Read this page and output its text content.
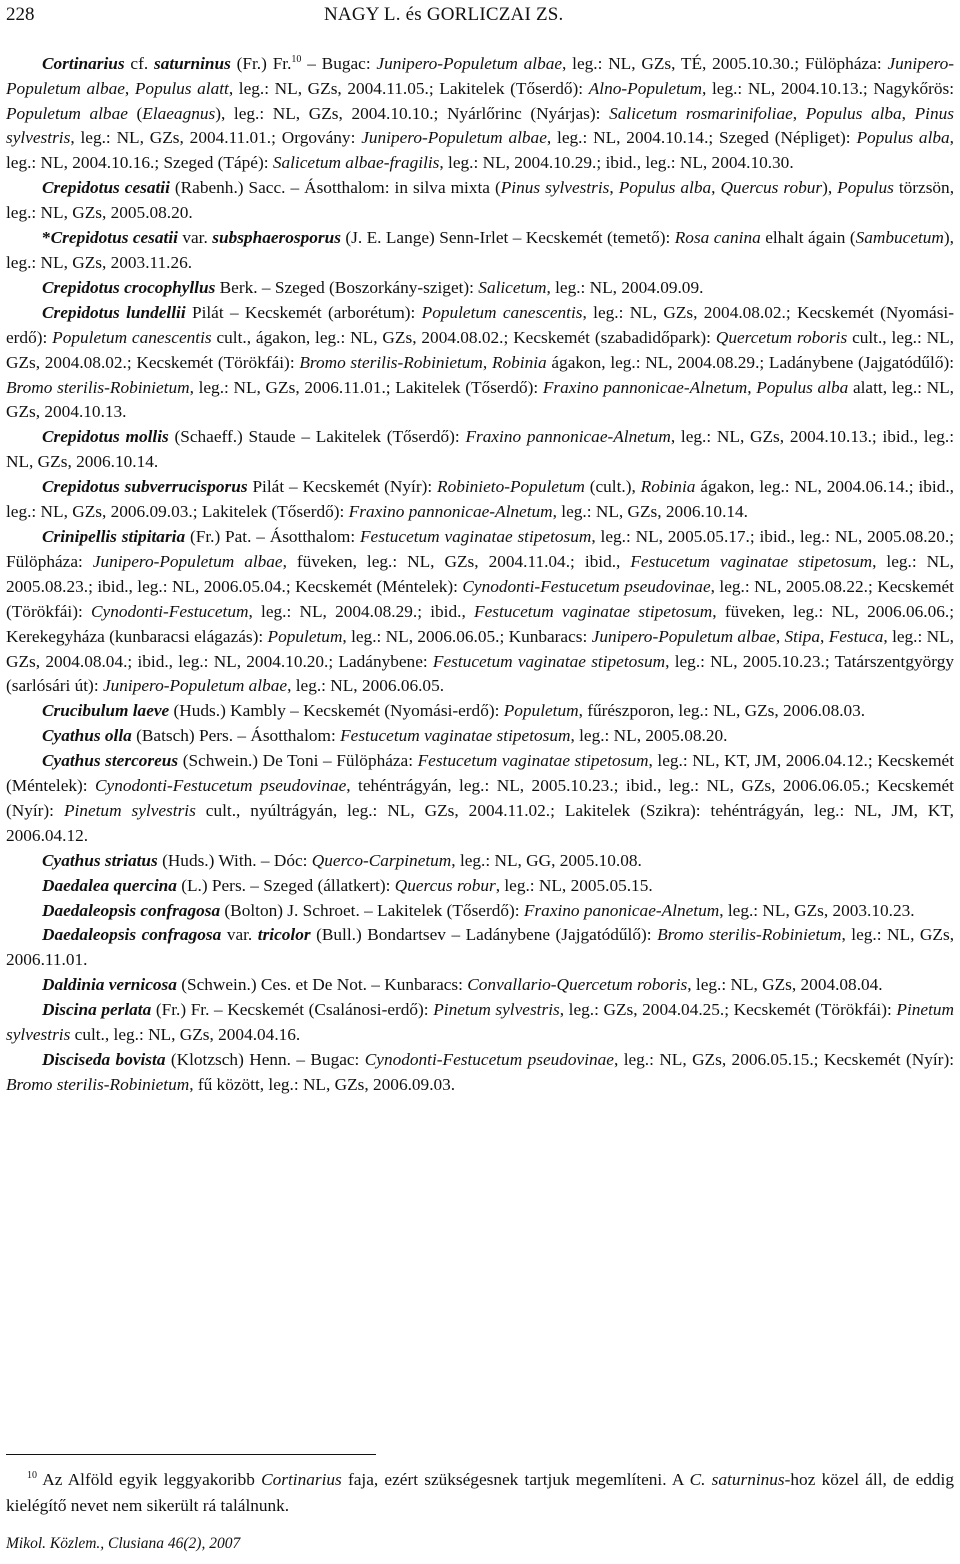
228	NAGY L. és GORLICZAI ZS.

Cortinarius cf. saturninus (Fr.) Fr.$^{10}$ – Bugac: Junipero-Populetum albae, leg.: NL, GZs, TÉ, 2005.10.30.; Fülöpháza: Junipero-Populetum albae, Populus alatt, leg.: NL, GZs, 2004.11.05.; Lakitelek (Tőserdő): Alno-Populetum, leg.: NL, 2004.10.13.; Nagykőrös: Populetum albae (Elaeagnus), leg.: NL, GZs, 2004.10.10.; Nyárlőrinc (Nyárjas): Salicetum rosmarinifoliae, Populus alba, Pinus sylvestris, leg.: NL, GZs, 2004.11.01.; Orgovány: Junipero-Populetum albae, leg.: NL, 2004.10.14.; Szeged (Népliget): Populus alba, leg.: NL, 2004.10.16.; Szeged (Tápé): Salicetum albae-fragilis, leg.: NL, 2004.10.29.; ibid., leg.: NL, 2004.10.30.

Crepidotus cesatii (Rabenh.) Sacc. – Ásotthalom: in silva mixta (Pinus sylvestris, Populus alba, Quercus robur), Populus törzsön, leg.: NL, GZs, 2005.08.20.

*Crepidotus cesatii var. subsphaerosporus (J. E. Lange) Senn-Irlet – Kecskemét (temető): Rosa canina elhalt ágain (Sambucetum), leg.: NL, GZs, 2003.11.26.

Crepidotus crocophyllus Berk. – Szeged (Boszorkány-sziget): Salicetum, leg.: NL, 2004.09.09.

Crepidotus lundellii Pilát – Kecskemét (arborétum): Populetum canescentis, leg.: NL, GZs, 2004.08.02.; Kecskemét (Nyomási-erdő): Populetum canescentis cult., ágakon, leg.: NL, GZs, 2004.08.02.; Kecskemét (szabadidőpark): Quercetum roboris cult., leg.: NL, GZs, 2004.08.02.; Kecskemét (Törökfái): Bromo sterilis-Robinietum, Robinia ágakon, leg.: NL, 2004.08.29.; Ladánybene (Jajgatódűlő): Bromo sterilis-Robinietum, leg.: NL, GZs, 2006.11.01.; Lakitelek (Tőserdő): Fraxino pannonicae-Alnetum, Populus alba alatt, leg.: NL, GZs, 2004.10.13.

Crepidotus mollis (Schaeff.) Staude – Lakitelek (Tőserdő): Fraxino pannonicae-Alnetum, leg.: NL, GZs, 2004.10.13.; ibid., leg.: NL, GZs, 2006.10.14.

Crepidotus subverrucisporus Pilát – Kecskemét (Nyír): Robinieto-Populetum (cult.), Robinia ágakon, leg.: NL, 2004.06.14.; ibid., leg.: NL, GZs, 2006.09.03.; Lakitelek (Tőserdő): Fraxino pannonicae-Alnetum, leg.: NL, GZs, 2006.10.14.

Crinipellis stipitaria (Fr.) Pat. – Ásotthalom: Festucetum vaginatae stipetosum, leg.: NL, 2005.05.17.; ibid., leg.: NL, 2005.08.20.; Fülöpháza: Junipero-Populetum albae, füveken, leg.: NL, GZs, 2004.11.04.; ibid., Festucetum vaginatae stipetosum, leg.: NL, 2005.08.23.; ibid., leg.: NL, 2006.05.04.; Kecskemét (Méntelek): Cynodonti-Festucetum pseudovinae, leg.: NL, 2005.08.22.; Kecskemét (Törökfái): Cynodonti-Festucetum, leg.: NL, 2004.08.29.; ibid., Festucetum vaginatae stipetosum, füveken, leg.: NL, 2006.06.06.; Kerekegyháza (kunbaracsi elágazás): Populetum, leg.: NL, 2006.06.05.; Kunbaracs: Junipero-Populetum albae, Stipa, Festuca, leg.: NL, GZs, 2004.08.04.; ibid., leg.: NL, 2004.10.20.; Ladánybene: Festucetum vaginatae stipetosum, leg.: NL, 2005.10.23.; Tatárszentgyörgy (sarlósári út): Junipero-Populetum albae, leg.: NL, 2006.06.05.

Crucibulum laeve (Huds.) Kambly – Kecskemét (Nyomási-erdő): Populetum, fűrészporon, leg.: NL, GZs, 2006.08.03.

Cyathus olla (Batsch) Pers. – Ásotthalom: Festucetum vaginatae stipetosum, leg.: NL, 2005.08.20.

Cyathus stercoreus (Schwein.) De Toni – Fülöpháza: Festucetum vaginatae stipetosum, leg.: NL, KT, JM, 2006.04.12.; Kecskemét (Méntelek): Cynodonti-Festucetum pseudovinae, tehéntrágyán, leg.: NL, 2005.10.23.; ibid., leg.: NL, GZs, 2006.06.05.; Kecskemét (Nyír): Pinetum sylvestris cult., nyúltrágyán, leg.: NL, GZs, 2004.11.02.; Lakitelek (Szikra): tehéntrágyán, leg.: NL, JM, KT, 2006.04.12.

Cyathus striatus (Huds.) With. – Dóc: Querco-Carpinetum, leg.: NL, GG, 2005.10.08.

Daedalea quercina (L.) Pers. – Szeged (állatkert): Quercus robur, leg.: NL, 2005.05.15.

Daedaleopsis confragosa (Bolton) J. Schroet. – Lakitelek (Tőserdő): Fraxino panonicae-Alnetum, leg.: NL, GZs, 2003.10.23.

Daedaleopsis confragosa var. tricolor (Bull.) Bondartsev – Ladánybene (Jajgatódűlő): Bromo sterilis-Robinietum, leg.: NL, GZs, 2006.11.01.

Daldinia vernicosa (Schwein.) Ces. et De Not. – Kunbaracs: Convallario-Quercetum roboris, leg.: NL, GZs, 2004.08.04.

Discina perlata (Fr.) Fr. – Kecskemét (Csalánosi-erdő): Pinetum sylvestris, leg.: GZs, 2004.04.25.; Kecskemét (Törökfái): Pinetum sylvestris cult., leg.: NL, GZs, 2004.04.16.

Disciseda bovista (Klotzsch) Henn. – Bugac: Cynodonti-Festucetum pseudovinae, leg.: NL, GZs, 2006.05.15.; Kecskemét (Nyír): Bromo sterilis-Robinietum, fű között, leg.: NL, GZs, 2006.09.03.

$^{10}$ Az Alföld egyik leggyakoribb Cortinarius faja, ezért szükségesnek tartjuk megemlíteni. A C. saturninus-hoz közel áll, de eddig kielégítő nevet nem sikerült rá találnunk.
Mikol. Közlem., Clusiana 46(2), 2007
